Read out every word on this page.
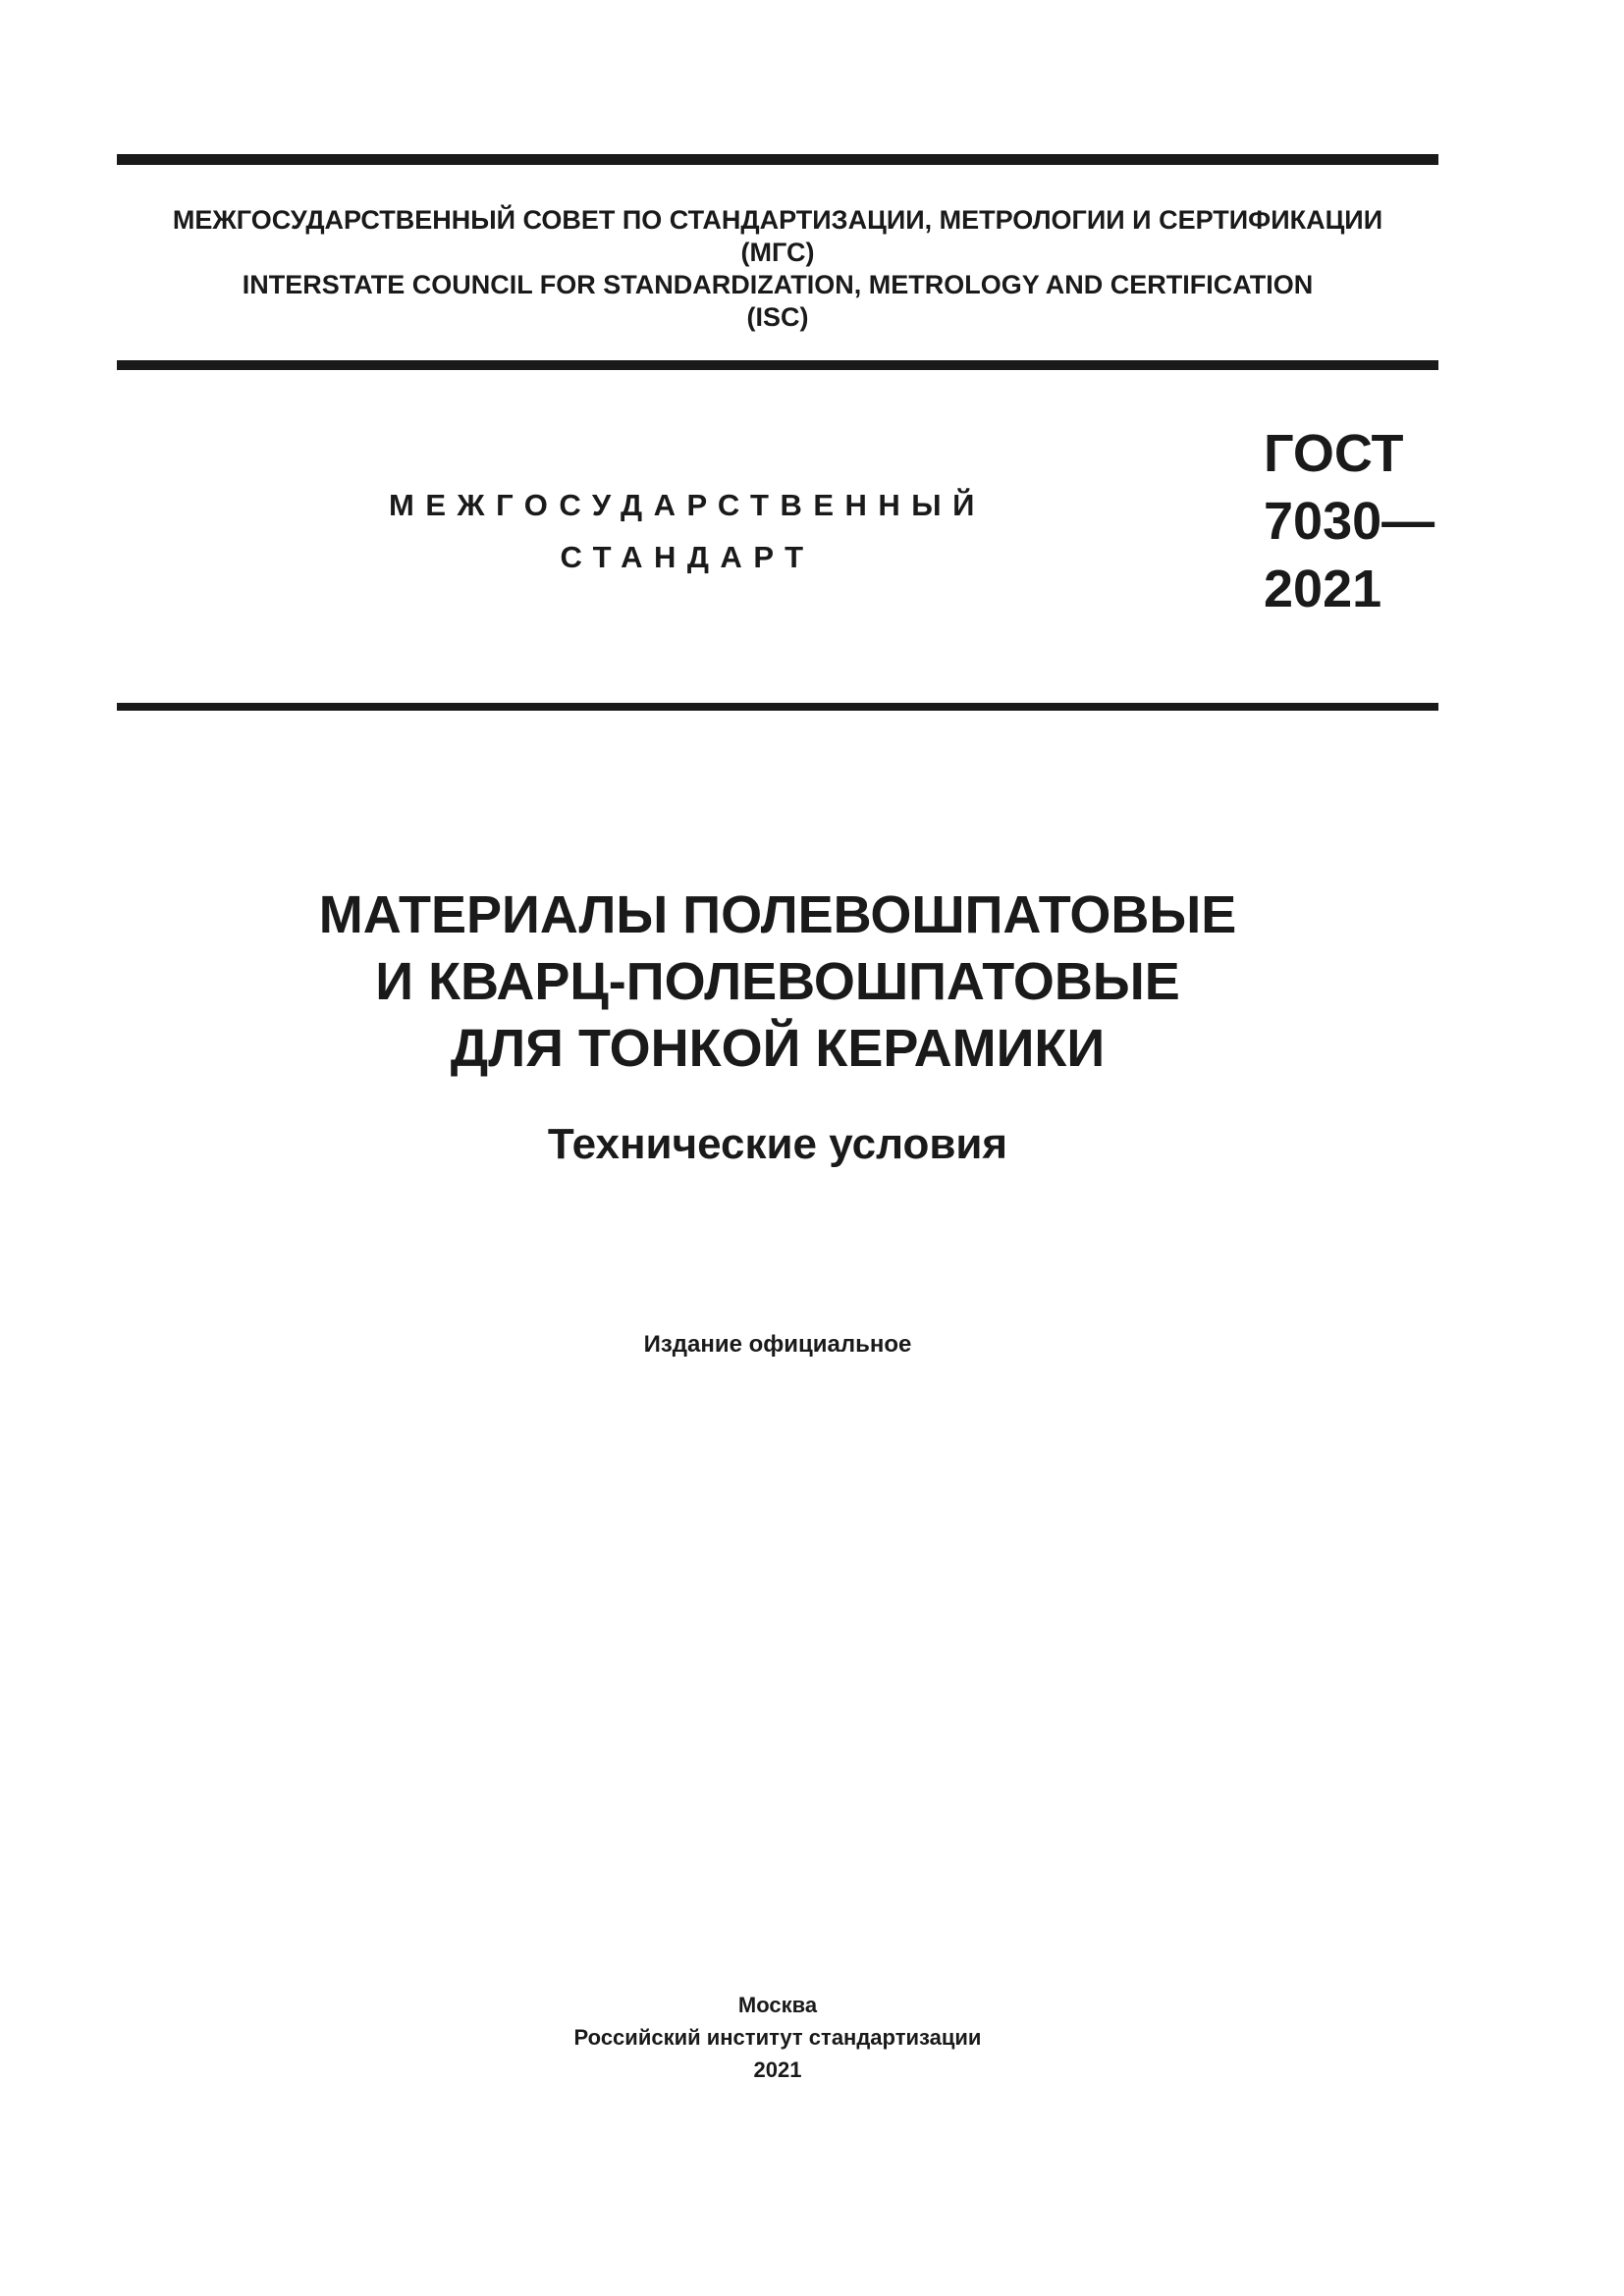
МЕЖГОСУДАРСТВЕННЫЙ СОВЕТ ПО СТАНДАРТИЗАЦИИ, МЕТРОЛОГИИ И СЕРТИФИКАЦИИ
(МГС)
INTERSTATE COUNCIL FOR STANDARDIZATION, METROLOGY AND CERTIFICATION
(ISC)
МЕЖГОСУДАРСТВЕННЫЙ
СТАНДАРТ
ГОСТ
7030—
2021
МАТЕРИАЛЫ ПОЛЕВОШПАТОВЫЕ
И КВАРЦ-ПОЛЕВОШПАТОВЫЕ
ДЛЯ ТОНКОЙ КЕРАМИКИ
Технические условия
Издание официальное
Москва
Российский институт стандартизации
2021
